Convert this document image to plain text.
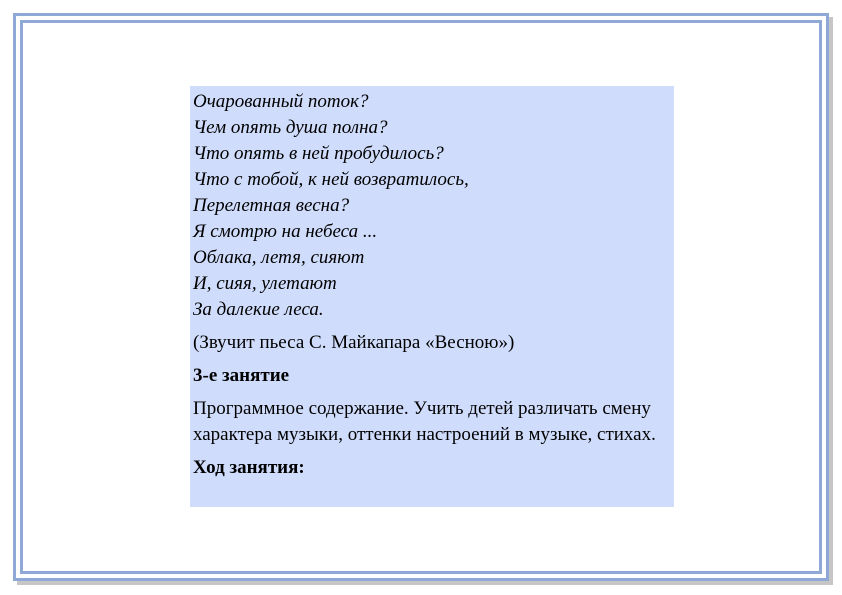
Очарованный поток?
Чем опять душа полна?
Что опять в ней пробудилось?
Что с тобой, к ней возвратилось,
Перелетная весна?
Я смотрю на небеса ...
Облака, летя, сияют
И, сияя, улетают
За далекие леса.
(Звучит пьеса С. Майкапара «Весною»)
3-е занятие
Программное содержание. Учить детей различать смену характера музыки, оттенки настроений в музыке, стихах.
Ход занятия:
